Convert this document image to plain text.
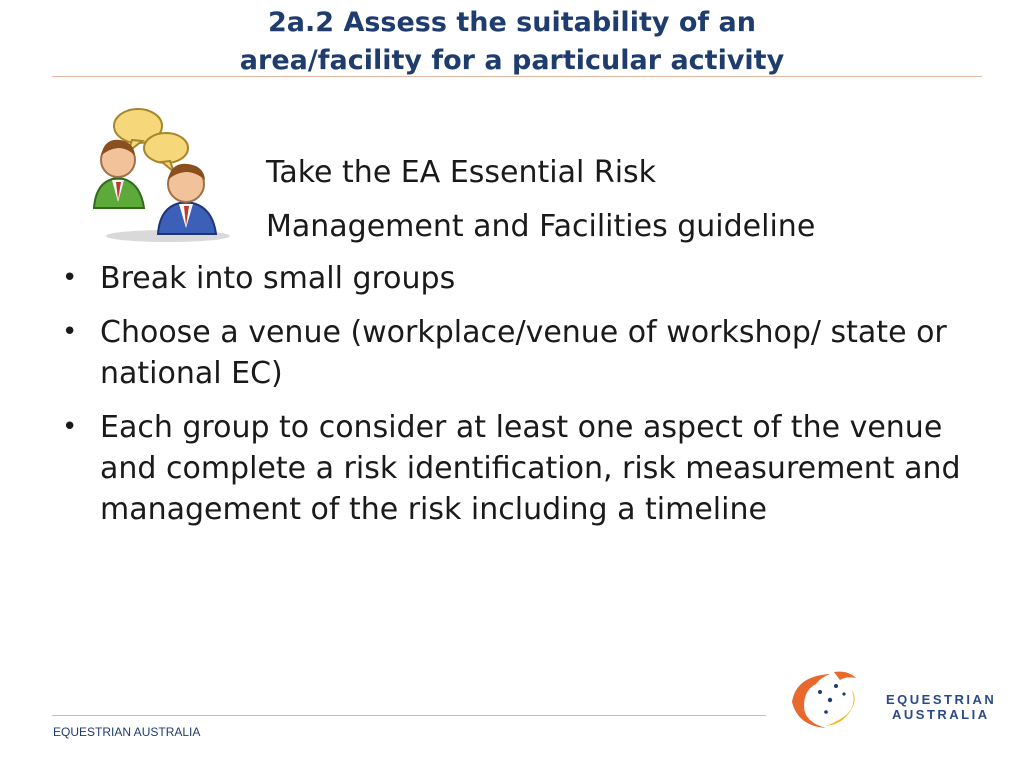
2a.2 Assess the suitability of an
area/facility for a particular activity
Take the EA Essential Risk
Management and Facilities guideline
• Break into small groups
• Choose a venue (workplace/venue of workshop/ state or national EC)
• Each group to consider at least one aspect of the venue and complete a risk identification, risk measurement and management of the risk including a timeline
EQUESTRIAN AUSTRALIA
EQUESTRIAN
AUSTRALIA
